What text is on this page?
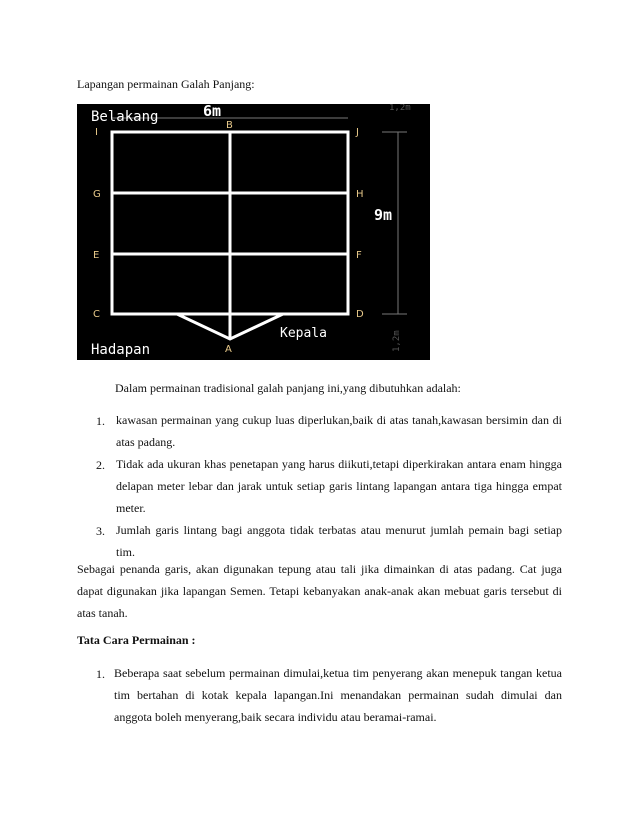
Lapangan permainan Galah Panjang:
6m
9m
1,2m
1,2m
Belakang
Hadapan
Kepala
I
B
J
G	H
E	F
C	D
A
Dalam permainan tradisional galah panjang ini,yang dibutuhkan adalah:
1. kawasan permainan yang cukup luas diperlukan,baik di atas tanah,kawasan bersimin dan di atas padang.
2. Tidak ada ukuran khas penetapan yang harus diikuti,tetapi diperkirakan antara enam hingga delapan meter lebar dan jarak untuk setiap garis lintang lapangan antara tiga hingga empat meter.
3. Jumlah garis lintang bagi anggota tidak terbatas atau menurut jumlah pemain bagi setiap tim.
Sebagai penanda garis, akan digunakan tepung atau tali jika dimainkan di atas padang. Cat juga dapat digunakan jika lapangan Semen. Tetapi kebanyakan anak-anak akan mebuat garis tersebut di atas tanah.
Tata Cara Permainan :
1. Beberapa saat sebelum permainan dimulai,ketua tim penyerang akan menepuk tangan ketua tim bertahan di kotak kepala lapangan.Ini menandakan permainan sudah dimulai dan anggota boleh menyerang,baik secara individu atau beramai-ramai.
